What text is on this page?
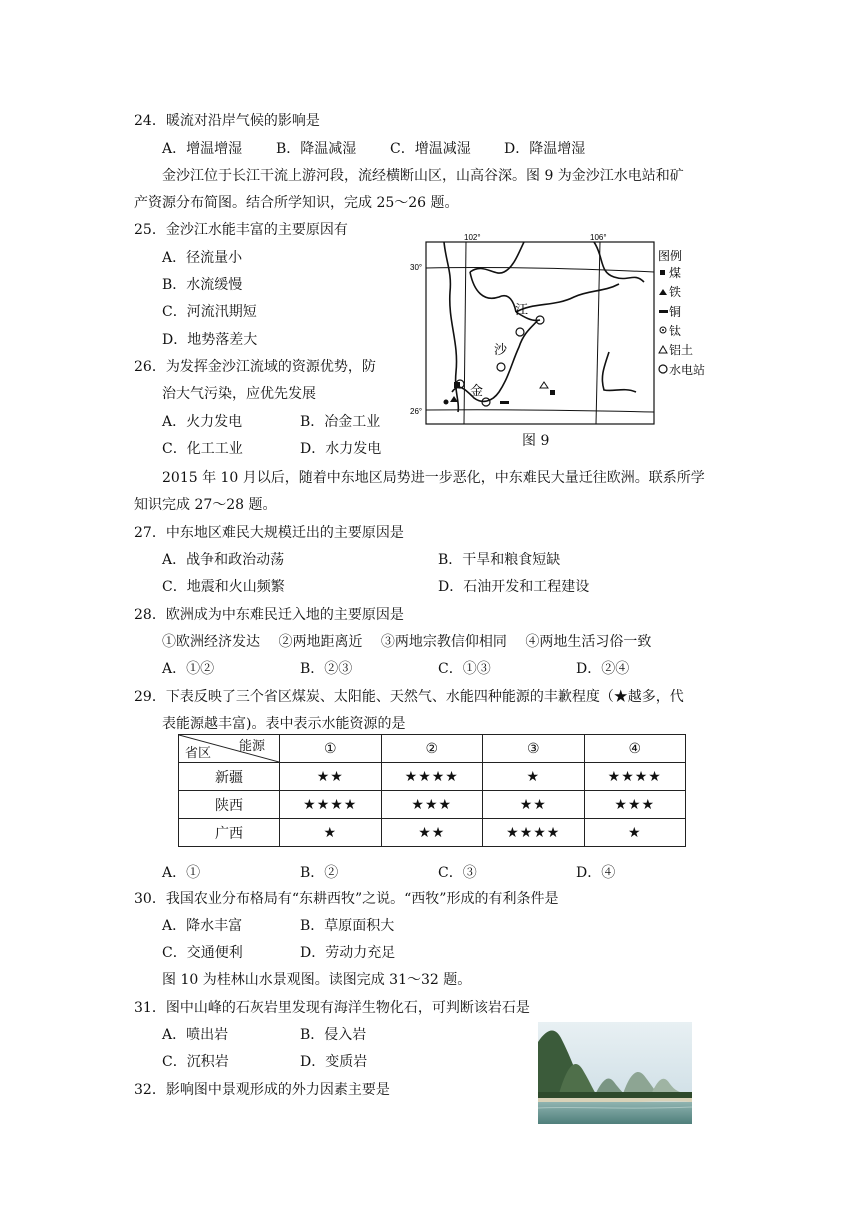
24．暖流对沿岸气候的影响是
A．增温增湿 B．降温减湿 C．增温减湿 D．降温增湿
金沙江位于长江干流上游河段，流经横断山区，山高谷深。图 9 为金沙江水电站和矿
产资源分布简图。结合所学知识，完成 25～26 题。
25．金沙江水能丰富的主要原因有
A．径流量小
B．水流缓慢
C．河流汛期短
D．地势落差大
26．为发挥金沙江流域的资源优势，防
治大气污染，应优先发展
A．火力发电	B．冶金工业
C．化工工业	D．水力发电
江
沙
金
102°	106°
30°
26°
图例
煤
铁
铜
钛
铝土
水电站
图 9
2015 年 10 月以后，随着中东地区局势进一步恶化，中东难民大量迁往欧洲。联系所学
知识完成 27～28 题。
27．中东地区难民大规模迁出的主要原因是
A．战争和政治动荡	B．干旱和粮食短缺
C．地震和火山频繁	D．石油开发和工程建设
28．欧洲成为中东难民迁入地的主要原因是
①欧洲经济发达　 ②两地距离近　 ③两地宗教信仰相同　 ④两地生活习俗一致
A．①②	B．②③	C．①③	D．②④
29．下表反映了三个省区煤炭、太阳能、天然气、水能四种能源的丰歉程度（★越多，代
表能源越丰富)。表中表示水能资源的是
能源
省区	①	②	③	④
新疆	★★	★★★★	★	★★★★
陕西	★★★★	★★★	★★	★★★
广西	★	★★	★★★★	★
A．①	B．②	C．③	D．④
30．我国农业分布格局有“东耕西牧”之说。“西牧”形成的有利条件是
A．降水丰富	B．草原面积大
C．交通便利	D．劳动力充足
图 10 为桂林山水景观图。读图完成 31～32 题。
31．图中山峰的石灰岩里发现有海洋生物化石，可判断该岩石是
A．喷出岩	B．侵入岩
C．沉积岩	D．变质岩
32．影响图中景观形成的外力因素主要是
